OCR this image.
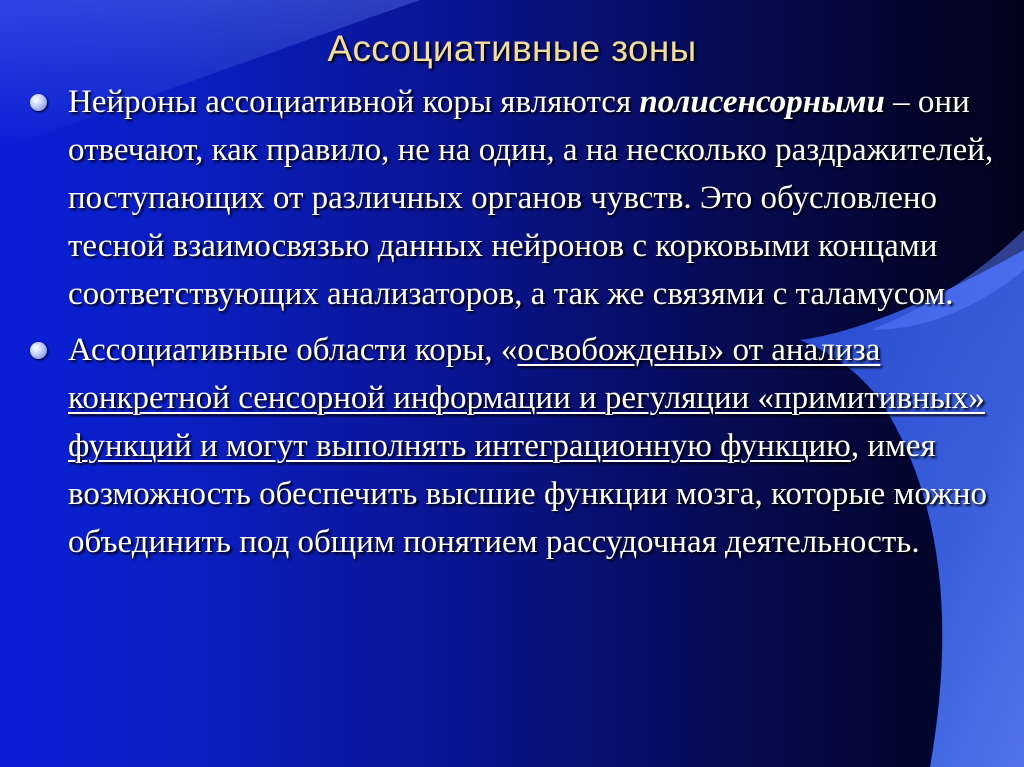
Ассоциативные зоны
Нейроны ассоциативной коры являются полисенсорными – они отвечают, как правило, не на один, а на несколько раздражителей, поступающих от различных органов чувств. Это обусловлено тесной взаимосвязью данных нейронов с корковыми концами соответствующих анализаторов, а так же связями с таламусом.
Ассоциативные области коры, «освобождены» от анализа конкретной сенсорной информации и регуляции «примитивных» функций и могут выполнять интеграционную функцию, имея возможность обеспечить высшие функции мозга, которые можно объединить под общим понятием рассудочная деятельность.
